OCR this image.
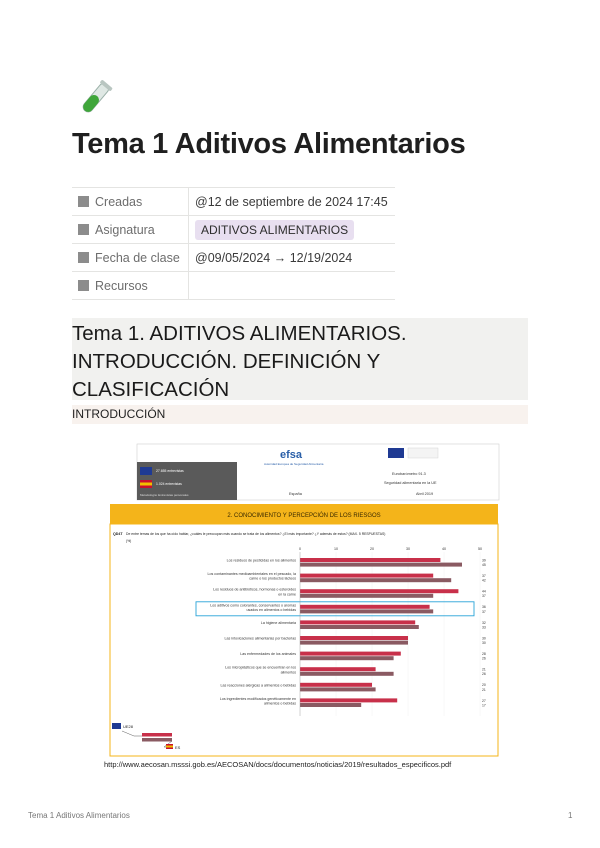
Tema 1 Aditivos Alimentarios
Creadas	@12 de septiembre de 2024 17:45
Asignatura	ADITIVOS ALIMENTARIOS
Fecha de clase	@09/05/2024 → 12/19/2024
Recursos	
Tema 1. ADITIVOS ALIMENTARIOS.
INTRODUCCIÓN. DEFINICIÓN Y
CLASIFICACIÓN
INTRODUCCIÓN
27.655 entrevistas
1.024 entrevistas
Metodología: Entrevistas personales
efsa
Autoridad Europea de Seguridad Alimentaria
Eurobarómetro 91.3
Seguridad alimentaria en la UE
España	Abril 2019
2. CONOCIMIENTO Y PERCEPCIÓN DE LOS RIESGOS
QD4T De entre temas de los que ha oído hablar, ¿cuáles le preocupan más cuando se trata de los alimentos? ¿El más importante? ¿Y además de estos? (MAX. 5 RESPUESTAS)
(%)
0	10	20	30	40	50
Los residuos de pesticidas en los alimentos	39
45
Los contaminantes medioambientales en el pescado, la
carne o los productos lácteos
37
42
Los residuos de antibióticos, hormonas o esteroides
en la carne
44
37
Los aditivos como colorantes, conservantes o aromas
usados en alimentos o bebidas
36
37
La higiene alimentaria	32
33
Las intoxicaciones alimentarias por bacterias	30
30
Las enfermedades de los animales	28
26
Los microplásticos que se encuentran en los
alimentos
21
26
Las reacciones alérgicas a alimentos o bebidas	20
21
Los ingredientes modificados genéticamente en
alimentos o bebidas
27
17
UE28
ES
http://www.aecosan.msssi.gob.es/AECOSAN/docs/documentos/noticias/2019/resultados_especificos.pdf
Tema 1 Aditivos Alimentarios	1
